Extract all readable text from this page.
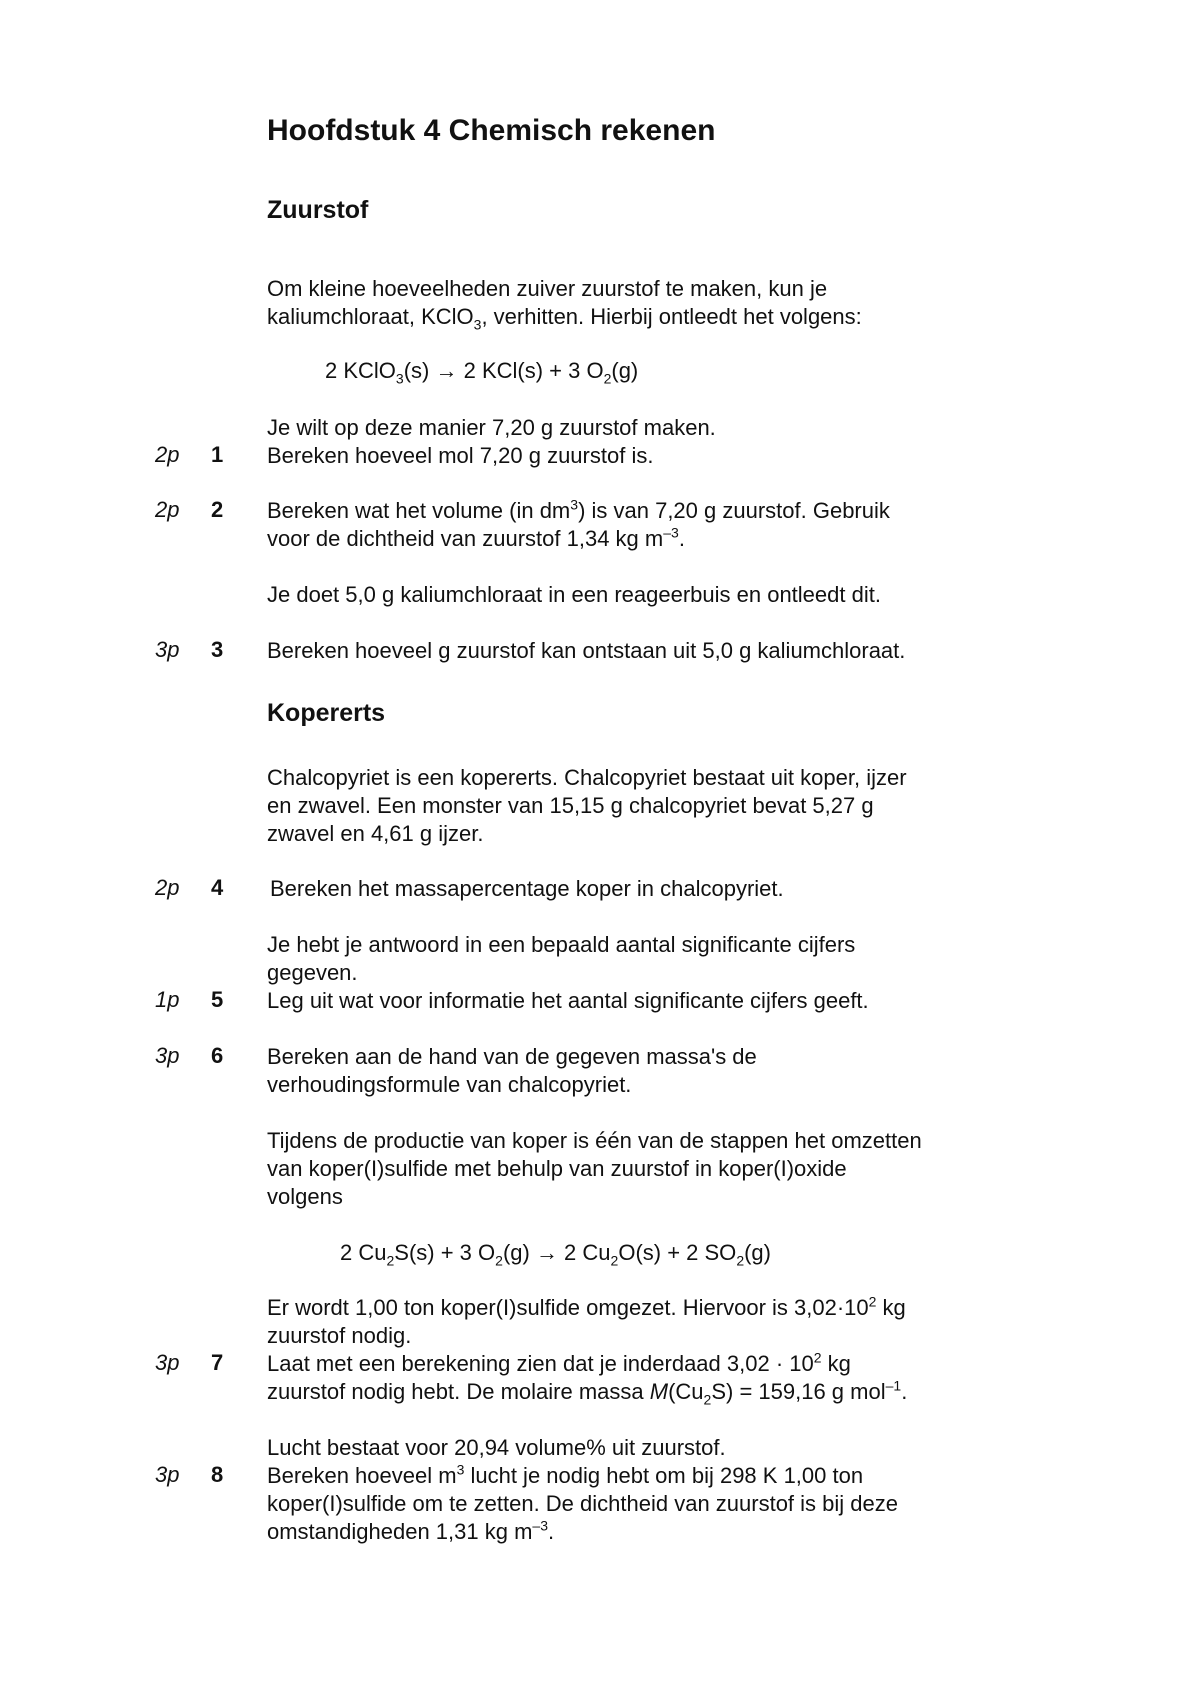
Hoofdstuk 4 Chemisch rekenen
Zuurstof
Om kleine hoeveelheden zuiver zuurstof te maken, kun je
kaliumchloraat, KClO$_3$, verhitten. Hierbij ontleedt het volgens:
2 KClO$_3$(s) → 2 KCl(s) + 3 $O_2(g)$
Je wilt op deze manier 7,20 g zuurstof maken.
2p 1 Bereken hoeveel mol 7,20 g zuurstof is.
2p 2 Bereken wat het volume (in $dm^3$) is van 7,20 g zuurstof. Gebruik
voor de dichtheid van zuurstof 1,34 kg $m^{-3}$.
Je doet 5,0 g kaliumchloraat in een reageerbuis en ontleedt dit.
3p 3 Bereken hoeveel g zuurstof kan ontstaan uit 5,0 g kaliumchloraat.
Kopererts
Chalcopyriet is een kopererts. Chalcopyriet bestaat uit koper, ijzer
en zwavel. Een monster van 15,15 g chalcopyriet bevat 5,27 g
zwavel en 4,61 g ijzer.
2p 4 Bereken het massapercentage koper in chalcopyriet.
Je hebt je antwoord in een bepaald aantal significante cijfers
gegeven.
1p 5 Leg uit wat voor informatie het aantal significante cijfers geeft.
3p 6 Bereken aan de hand van de gegeven massa's de
verhoudingsformule van chalcopyriet.
Tijdens de productie van koper is één van de stappen het omzetten
van koper(I)sulfide met behulp van zuurstof in koper(I)oxide
volgens
2 $Cu_2S(s) + 3$ $O_2(g) \to 2$ $Cu_2O(s) + 2$ $SO_2(g)$
Er wordt 1,00 ton koper(I)sulfide omgezet. Hiervoor is $3,02\cdot 10^2$ kg
zuurstof nodig.
3p 7 Laat met een berekening zien dat je inderdaad $3,02 \cdot 10^2$ kg
zuurstof nodig hebt. De molaire massa $M(Cu_2S) = 159,16$ g mol$^{-1}$.
Lucht bestaat voor 20,94 volume% uit zuurstof.
3p 8 Bereken hoeveel $m^3$ lucht je nodig hebt om bij 298 K 1,00 ton
koper(I)sulfide om te zetten. De dichtheid van zuurstof is bij deze
omstandigheden 1,31 kg $m^{-3}$.
